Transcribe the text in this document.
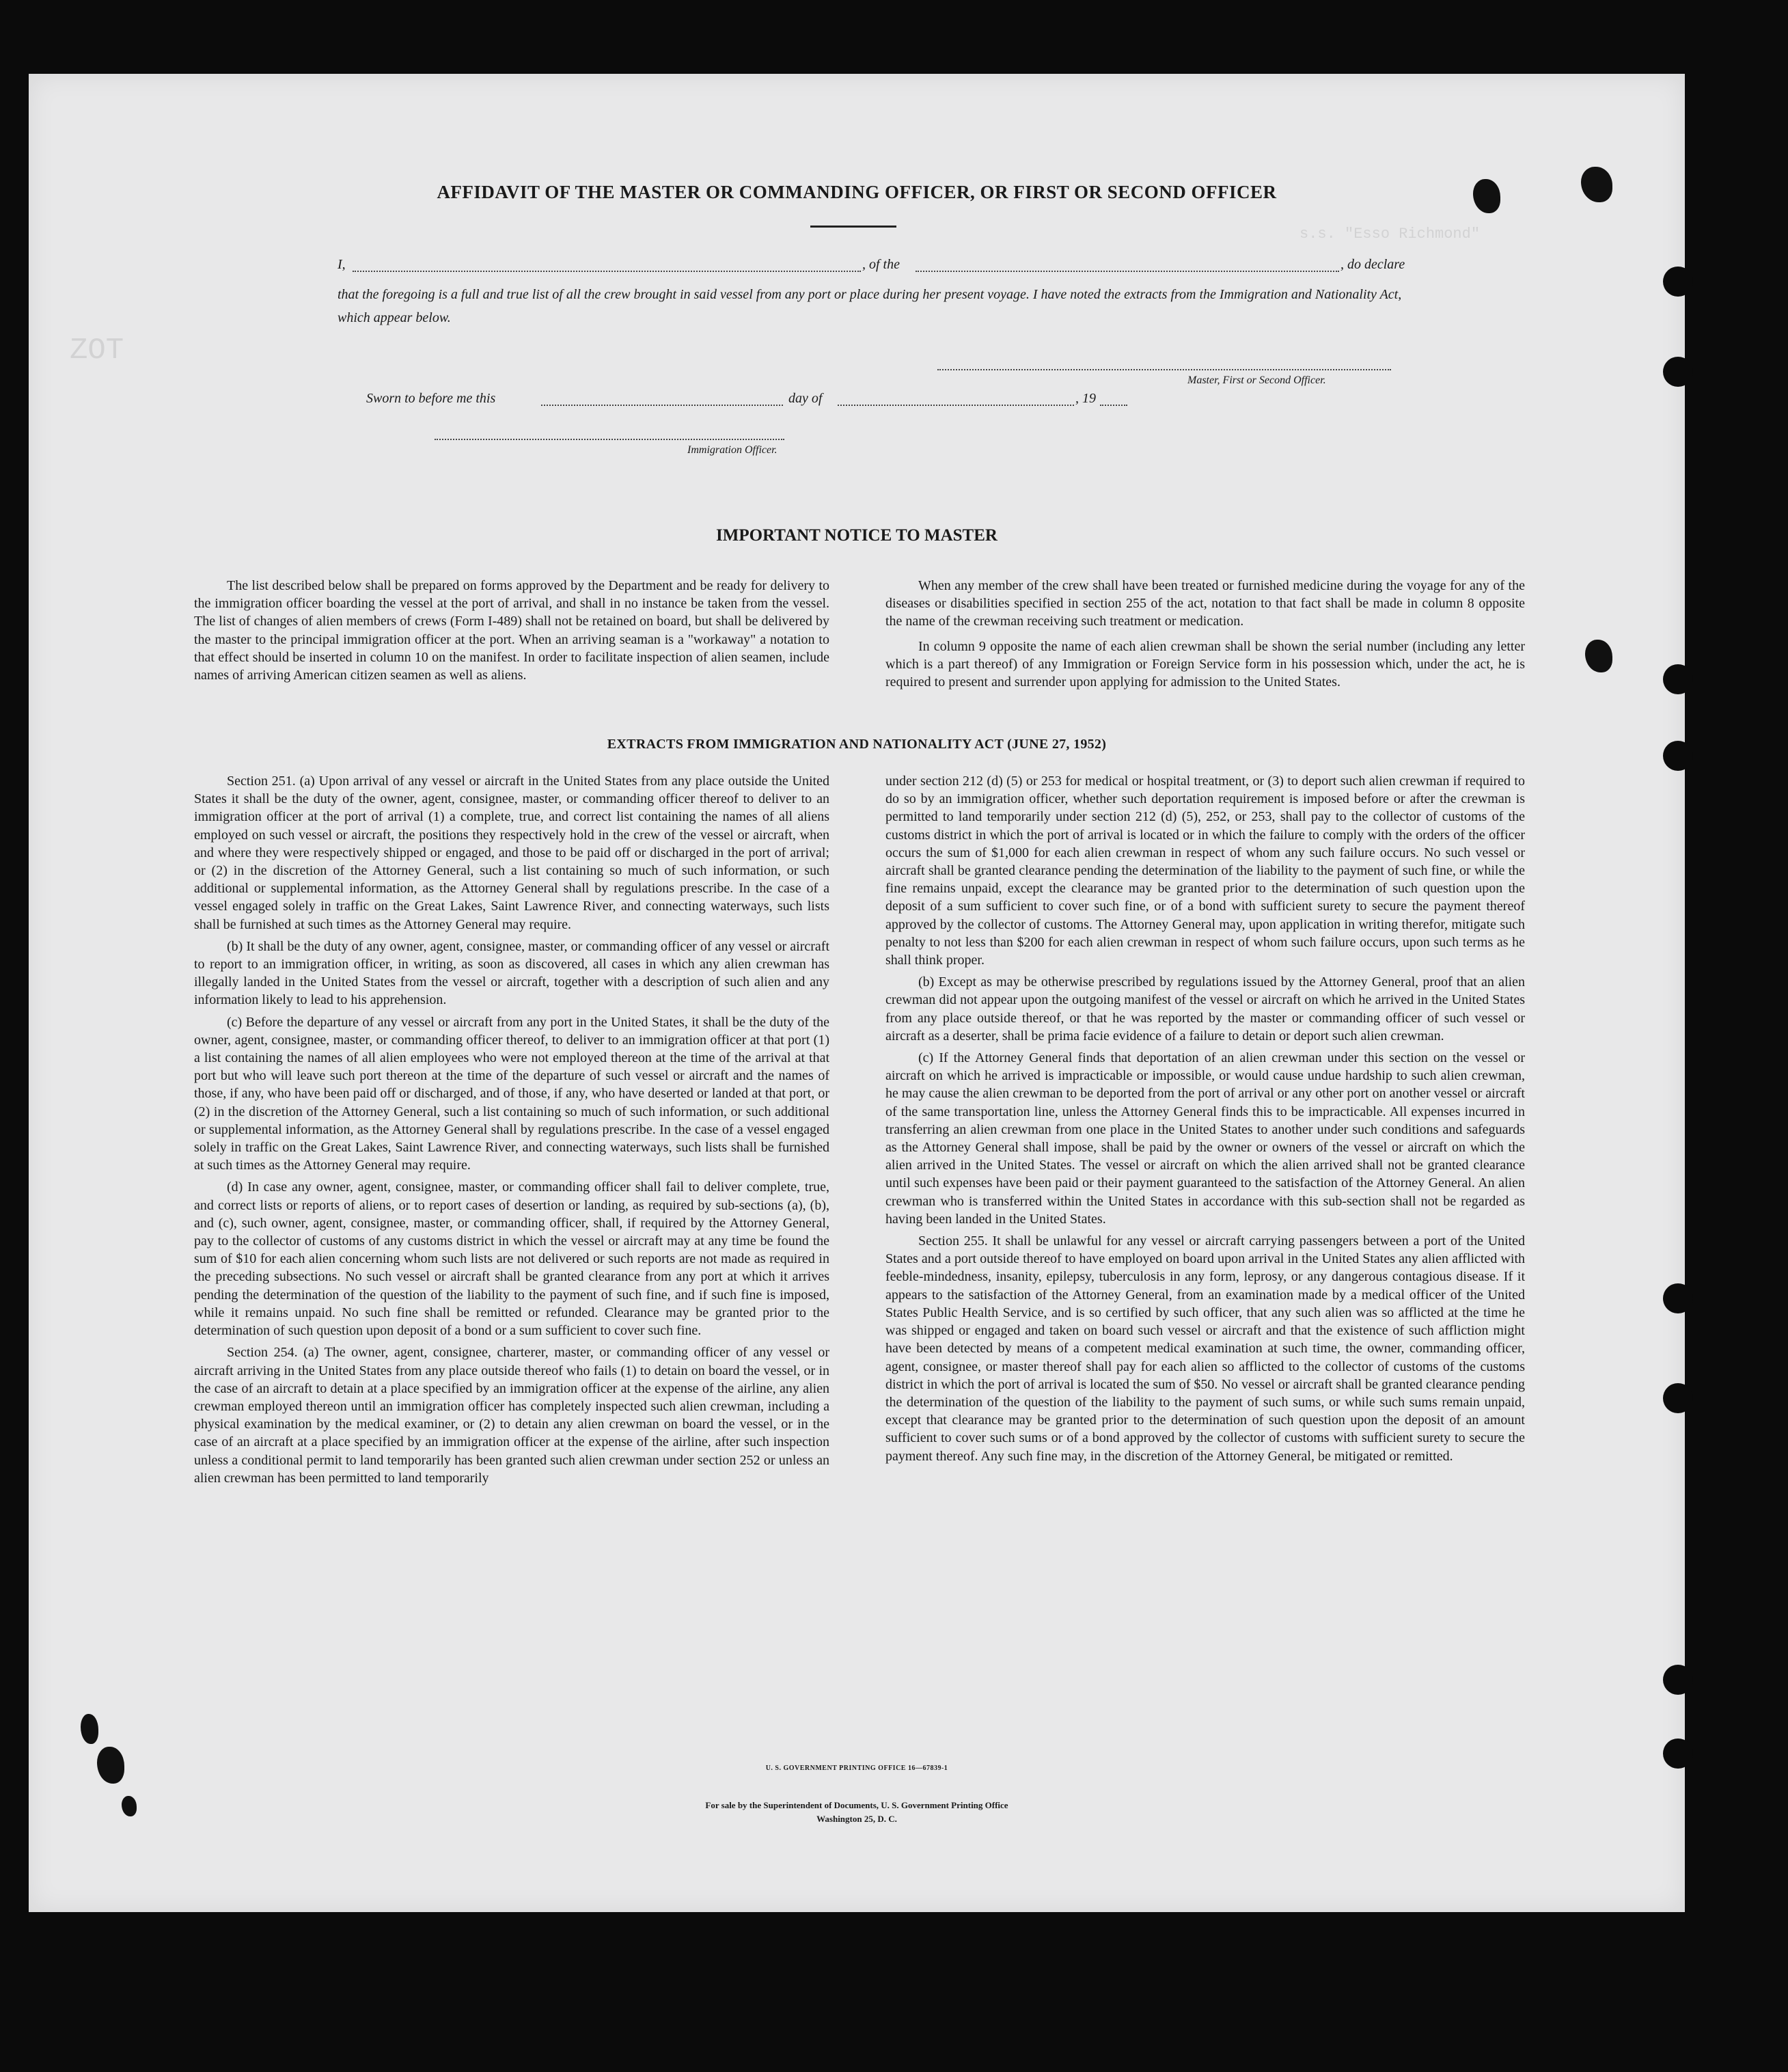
s.s. "Esso Richmond"
ZOT
AFFIDAVIT OF THE MASTER OR COMMANDING OFFICER, OR FIRST OR SECOND OFFICER
I,	, of the	, do declare
that the foregoing is a full and true list of all the crew brought in said vessel from any port or place during her present voyage. I have noted the extracts from the Immigration and Nationality Act, which appear below.
Master, First or Second Officer.
Sworn to before me this	day of	, 19
Immigration Officer.
IMPORTANT NOTICE TO MASTER

The list described below shall be prepared on forms approved by the Department and be ready for delivery to the immigration officer boarding the vessel at the port of arrival, and shall in no instance be taken from the vessel. The list of changes of alien members of crews (Form I-489) shall not be retained on board, but shall be delivered by the master to the principal immigration officer at the port. When an arriving seaman is a "workaway" a notation to that effect should be inserted in column 10 on the manifest. In order to facilitate inspection of alien seamen, include names of arriving American citizen seamen as well as aliens.

When any member of the crew shall have been treated or furnished medicine during the voyage for any of the diseases or disabilities specified in section 255 of the act, notation to that fact shall be made in column 8 opposite the name of the crewman receiving such treatment or medication.

In column 9 opposite the name of each alien crewman shall be shown the serial number (including any letter which is a part thereof) of any Immigration or Foreign Service form in his possession which, under the act, he is required to present and surrender upon applying for admission to the United States.

EXTRACTS FROM IMMIGRATION AND NATIONALITY ACT (JUNE 27, 1952)

Section 251. (a) Upon arrival of any vessel or aircraft in the United States from any place outside the United States it shall be the duty of the owner, agent, consignee, master, or commanding officer thereof to deliver to an immigration officer at the port of arrival (1) a complete, true, and correct list containing the names of all aliens employed on such vessel or aircraft, the positions they respectively hold in the crew of the vessel or aircraft, when and where they were respectively shipped or engaged, and those to be paid off or discharged in the port of arrival; or (2) in the discretion of the Attorney General, such a list containing so much of such information, or such additional or supplemental information, as the Attorney General shall by regulations prescribe. In the case of a vessel engaged solely in traffic on the Great Lakes, Saint Lawrence River, and connecting waterways, such lists shall be furnished at such times as the Attorney General may require.

(b) It shall be the duty of any owner, agent, consignee, master, or commanding officer of any vessel or aircraft to report to an immigration officer, in writing, as soon as discovered, all cases in which any alien crewman has illegally landed in the United States from the vessel or aircraft, together with a description of such alien and any information likely to lead to his apprehension.

(c) Before the departure of any vessel or aircraft from any port in the United States, it shall be the duty of the owner, agent, consignee, master, or commanding officer thereof, to deliver to an immigration officer at that port (1) a list containing the names of all alien employees who were not employed thereon at the time of the arrival at that port but who will leave such port thereon at the time of the departure of such vessel or aircraft and the names of those, if any, who have been paid off or discharged, and of those, if any, who have deserted or landed at that port, or (2) in the discretion of the Attorney General, such a list containing so much of such information, or such additional or supplemental information, as the Attorney General shall by regulations prescribe. In the case of a vessel engaged solely in traffic on the Great Lakes, Saint Lawrence River, and connecting waterways, such lists shall be furnished at such times as the Attorney General may require.

(d) In case any owner, agent, consignee, master, or commanding officer shall fail to deliver complete, true, and correct lists or reports of aliens, or to report cases of desertion or landing, as required by sub-sections (a), (b), and (c), such owner, agent, consignee, master, or commanding officer, shall, if required by the Attorney General, pay to the collector of customs of any customs district in which the vessel or aircraft may at any time be found the sum of $10 for each alien concerning whom such lists are not delivered or such reports are not made as required in the preceding subsections. No such vessel or aircraft shall be granted clearance from any port at which it arrives pending the determination of the question of the liability to the payment of such fine, and if such fine is imposed, while it remains unpaid. No such fine shall be remitted or refunded. Clearance may be granted prior to the determination of such question upon deposit of a bond or a sum sufficient to cover such fine.

Section 254. (a) The owner, agent, consignee, charterer, master, or commanding officer of any vessel or aircraft arriving in the United States from any place outside thereof who fails (1) to detain on board the vessel, or in the case of an aircraft to detain at a place specified by an immigration officer at the expense of the airline, any alien crewman employed thereon until an immigration officer has completely inspected such alien crewman, including a physical examination by the medical examiner, or (2) to detain any alien crewman on board the vessel, or in the case of an aircraft at a place specified by an immigration officer at the expense of the airline, after such inspection unless a conditional permit to land temporarily has been granted such alien crewman under section 252 or unless an alien crewman has been permitted to land temporarily

under section 212 (d) (5) or 253 for medical or hospital treatment, or (3) to deport such alien crewman if required to do so by an immigration officer, whether such deportation requirement is imposed before or after the crewman is permitted to land temporarily under section 212 (d) (5), 252, or 253, shall pay to the collector of customs of the customs district in which the port of arrival is located or in which the failure to comply with the orders of the officer occurs the sum of $1,000 for each alien crewman in respect of whom any such failure occurs. No such vessel or aircraft shall be granted clearance pending the determination of the liability to the payment of such fine, or while the fine remains unpaid, except the clearance may be granted prior to the determination of such question upon the deposit of a sum sufficient to cover such fine, or of a bond with sufficient surety to secure the payment thereof approved by the collector of customs. The Attorney General may, upon application in writing therefor, mitigate such penalty to not less than $200 for each alien crewman in respect of whom such failure occurs, upon such terms as he shall think proper.

(b) Except as may be otherwise prescribed by regulations issued by the Attorney General, proof that an alien crewman did not appear upon the outgoing manifest of the vessel or aircraft on which he arrived in the United States from any place outside thereof, or that he was reported by the master or commanding officer of such vessel or aircraft as a deserter, shall be prima facie evidence of a failure to detain or deport such alien crewman.

(c) If the Attorney General finds that deportation of an alien crewman under this section on the vessel or aircraft on which he arrived is impracticable or impossible, or would cause undue hardship to such alien crewman, he may cause the alien crewman to be deported from the port of arrival or any other port on another vessel or aircraft of the same transportation line, unless the Attorney General finds this to be impracticable. All expenses incurred in transferring an alien crewman from one place in the United States to another under such conditions and safeguards as the Attorney General shall impose, shall be paid by the owner or owners of the vessel or aircraft on which the alien arrived in the United States. The vessel or aircraft on which the alien arrived shall not be granted clearance until such expenses have been paid or their payment guaranteed to the satisfaction of the Attorney General. An alien crewman who is transferred within the United States in accordance with this sub-section shall not be regarded as having been landed in the United States.

Section 255. It shall be unlawful for any vessel or aircraft carrying passengers between a port of the United States and a port outside thereof to have employed on board upon arrival in the United States any alien afflicted with feeble-mindedness, insanity, epilepsy, tuberculosis in any form, leprosy, or any dangerous contagious disease. If it appears to the satisfaction of the Attorney General, from an examination made by a medical officer of the United States Public Health Service, and is so certified by such officer, that any such alien was so afflicted at the time he was shipped or engaged and taken on board such vessel or aircraft and that the existence of such affliction might have been detected by means of a competent medical examination at such time, the owner, commanding officer, agent, consignee, or master thereof shall pay for each alien so afflicted to the collector of customs of the customs district in which the port of arrival is located the sum of $50. No vessel or aircraft shall be granted clearance pending the determination of the question of the liability to the payment of such sums, or while such sums remain unpaid, except that clearance may be granted prior to the determination of such question upon the deposit of an amount sufficient to cover such sums or of a bond approved by the collector of customs with sufficient surety to secure the payment thereof. Any such fine may, in the discretion of the Attorney General, be mitigated or remitted.

U. S. GOVERNMENT PRINTING OFFICE 16—67839-1
For sale by the Superintendent of Documents, U. S. Government Printing Office
Washington 25, D. C.
